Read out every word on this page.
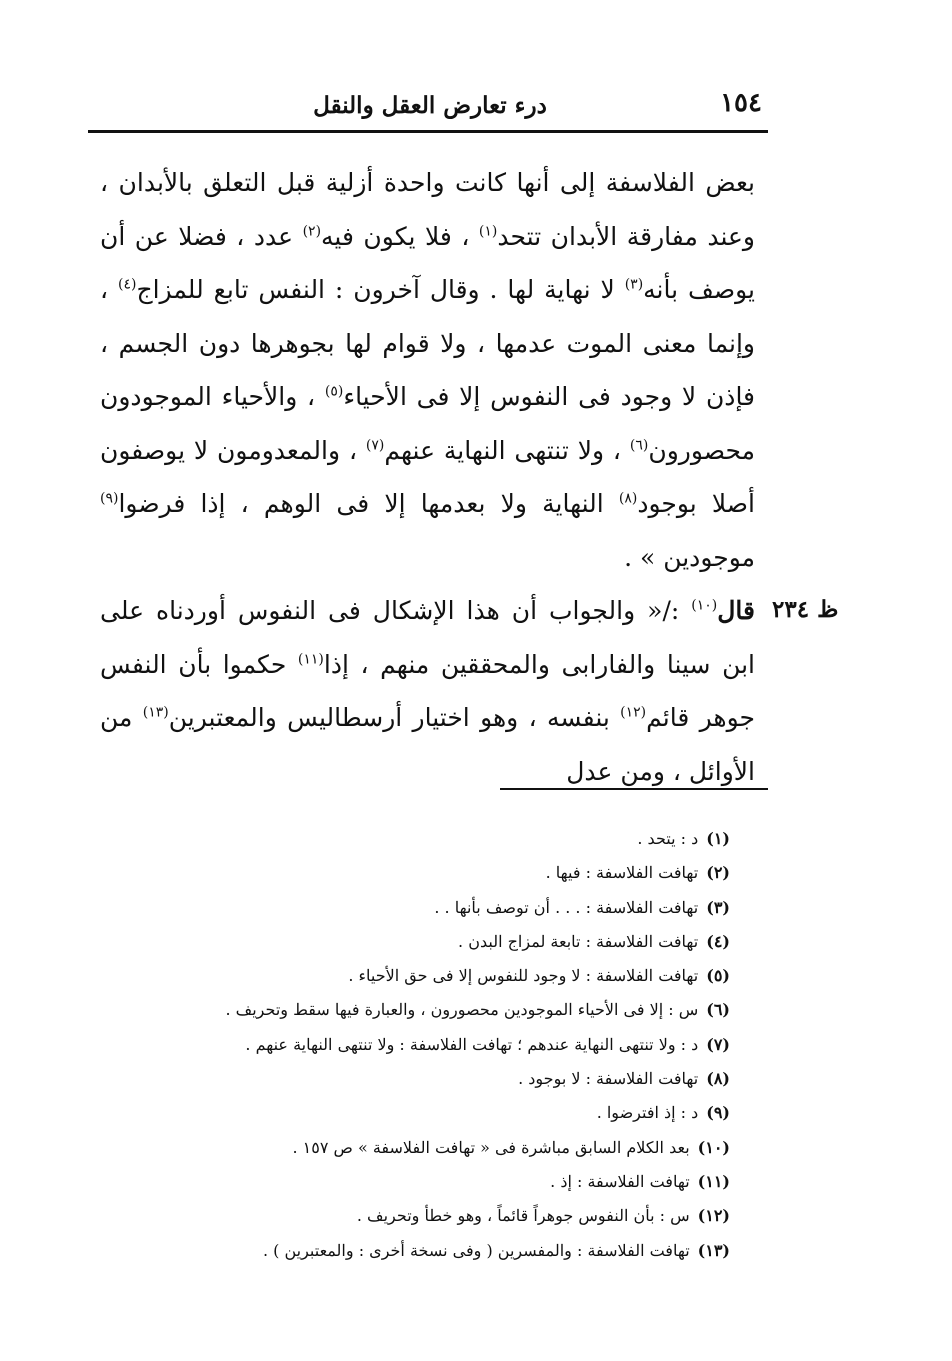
١٥٤
درء تعارض العقل والنقل
ظ ٢٣٤

بعض الفلاسفة إلى أنها كانت واحدة أزلية قبل التعلق بالأبدان ، وعند مفارقة الأبدان تتحد$^{(١)}$ ، فلا يكون فيه$^{(٢)}$ عدد ، فضلا عن أن يوصف بأنه$^{(٣)}$ لا نهاية لها . وقال آخرون : النفس تابع للمزاج$^{(٤)}$ ، وإنما معنى الموت عدمها ، ولا قوام لها بجوهرها دون الجسم ، فإذن لا وجود فى النفوس إلا فى الأحياء$^{(٥)}$ ، والأحياء الموجودون محصورون$^{(٦)}$ ، ولا تنتهى النهاية عنهم$^{(٧)}$ ، والمعدومون لا يوصفون أصلا بوجود$^{(٨)}$ النهاية ولا بعدمها إلا فى الوهم ، إذا فرضوا$^{(٩)}$ موجودين » .

قال$^{(١٠)}$ :/« والجواب أن هذا الإشكال فى النفوس أوردناه على ابن سينا والفارابى والمحققين منهم ، إذا$^{(١١)}$ حكموا بأن النفس جوهر قائم$^{(١٢)}$ بنفسه ، وهو اختيار أرسطاليس والمعتبرين$^{(١٣)}$ من الأوائل ، ومن عدل

(١)د : يتحد .
(٢)تهافت الفلاسفة : فيها .
(٣)تهافت الفلاسفة : . . . أن توصف بأنها . .
(٤)تهافت الفلاسفة : تابعة لمزاج البدن .
(٥)تهافت الفلاسفة : لا وجود للنفوس إلا فى حق الأحياء .
(٦)س : إلا فى الأحياء الموجودين محصورون ، والعبارة فيها سقط وتحريف .
(٧)د : ولا تنتهى النهاية عندهم ؛ تهافت الفلاسفة : ولا تنتهى النهاية عنهم .
(٨)تهافت الفلاسفة : لا بوجود .
(٩)د : إذ افترضوا .
(١٠)بعد الكلام السابق مباشرة فى « تهافت الفلاسفة » ص ١٥٧ .
(١١)تهافت الفلاسفة : إذ .
(١٢)س : بأن النفوس جوهراً قائماً ، وهو خطأ وتحريف .
(١٣)تهافت الفلاسفة : والمفسرين ( وفى نسخة أخرى : والمعتبرين ) .
